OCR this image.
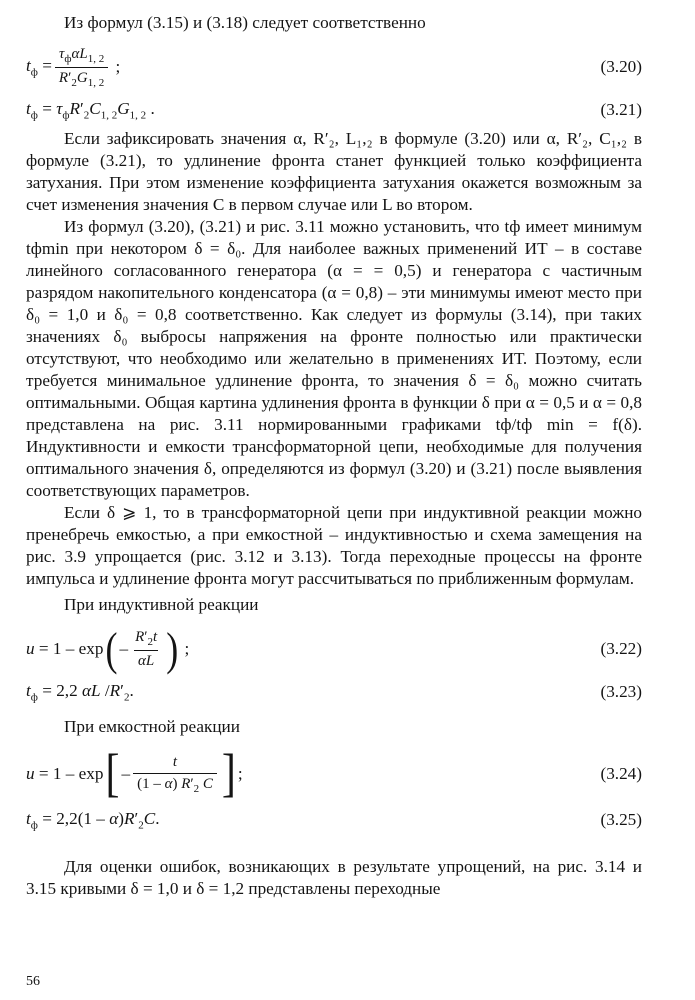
Из формул (3.15) и (3.18) следует соответственно

$t_ф = \frac{\tau_ф\alpha L_{1, 2}}{R'_2G_{1, 2}}$ ;	(3.20)
$t_ф = \tau_фR'_2C_{1, 2}G_{1, 2}$ .	(3.21)

Если зафиксировать значения α, R′₂, L₁,₂ в формуле (3.20) или α, R′₂, C₁,₂ в формуле (3.21), то удлинение фронта станет функцией только коэффициента затухания. При этом изменение коэффициента затухания окажется возможным за счет изменения значения C в первом случае или L во втором.

Из формул (3.20), (3.21) и рис. 3.11 можно установить, что tф имеет минимум tфmin при некотором δ = δ₀. Для наиболее важных применений ИТ – в составе линейного согласованного генератора (α = = 0,5) и генератора с частичным разрядом накопительного конденсатора (α = 0,8) – эти минимумы имеют место при δ₀ = 1,0 и δ₀ = 0,8 соответственно. Как следует из формулы (3.14), при таких значениях δ₀ выбросы напряжения на фронте полностью или практически отсутствуют, что необходимо или желательно в применениях ИТ. Поэтому, если требуется минимальное удлинение фронта, то значения δ = δ₀ можно считать оптимальными. Общая картина удлинения фронта в функции δ при α = 0,5 и α = 0,8 представлена на рис. 3.11 нормированными графиками tф/tф min = f(δ). Индуктивности и емкости трансформаторной цепи, необходимые для получения оптимального значения δ, определяются из формул (3.20) и (3.21) после выявления соответствующих параметров.

Если δ ⩾ 1, то в трансформаторной цепи при индуктивной реакции можно пренебречь емкостью, а при емкостной – индуктивностью и схема замещения на рис. 3.9 упрощается (рис. 3.12 и 3.13). Тогда переходные процессы на фронте импульса и удлинение фронта могут рассчитываться по приближенным формулам.

При индуктивной реакции

u = 1 – exp ( – $\frac{R'_2t}{\alpha L}$ ) ;	(3.22)
$t_ф = 2,2$ αL $/R'_2$.	(3.23)

При емкостной реакции

u = 1 – exp [ – $\frac{t}{(1 - \alpha) R'_2 C}$ ] ;	(3.24)
$t_ф = 2,2(1 - \alpha)R'_2C$.	(3.25)

Для оценки ошибок, возникающих в результате упрощений, на рис. 3.14 и 3.15 кривыми δ = 1,0 и δ = 1,2 представлены переходные

56
